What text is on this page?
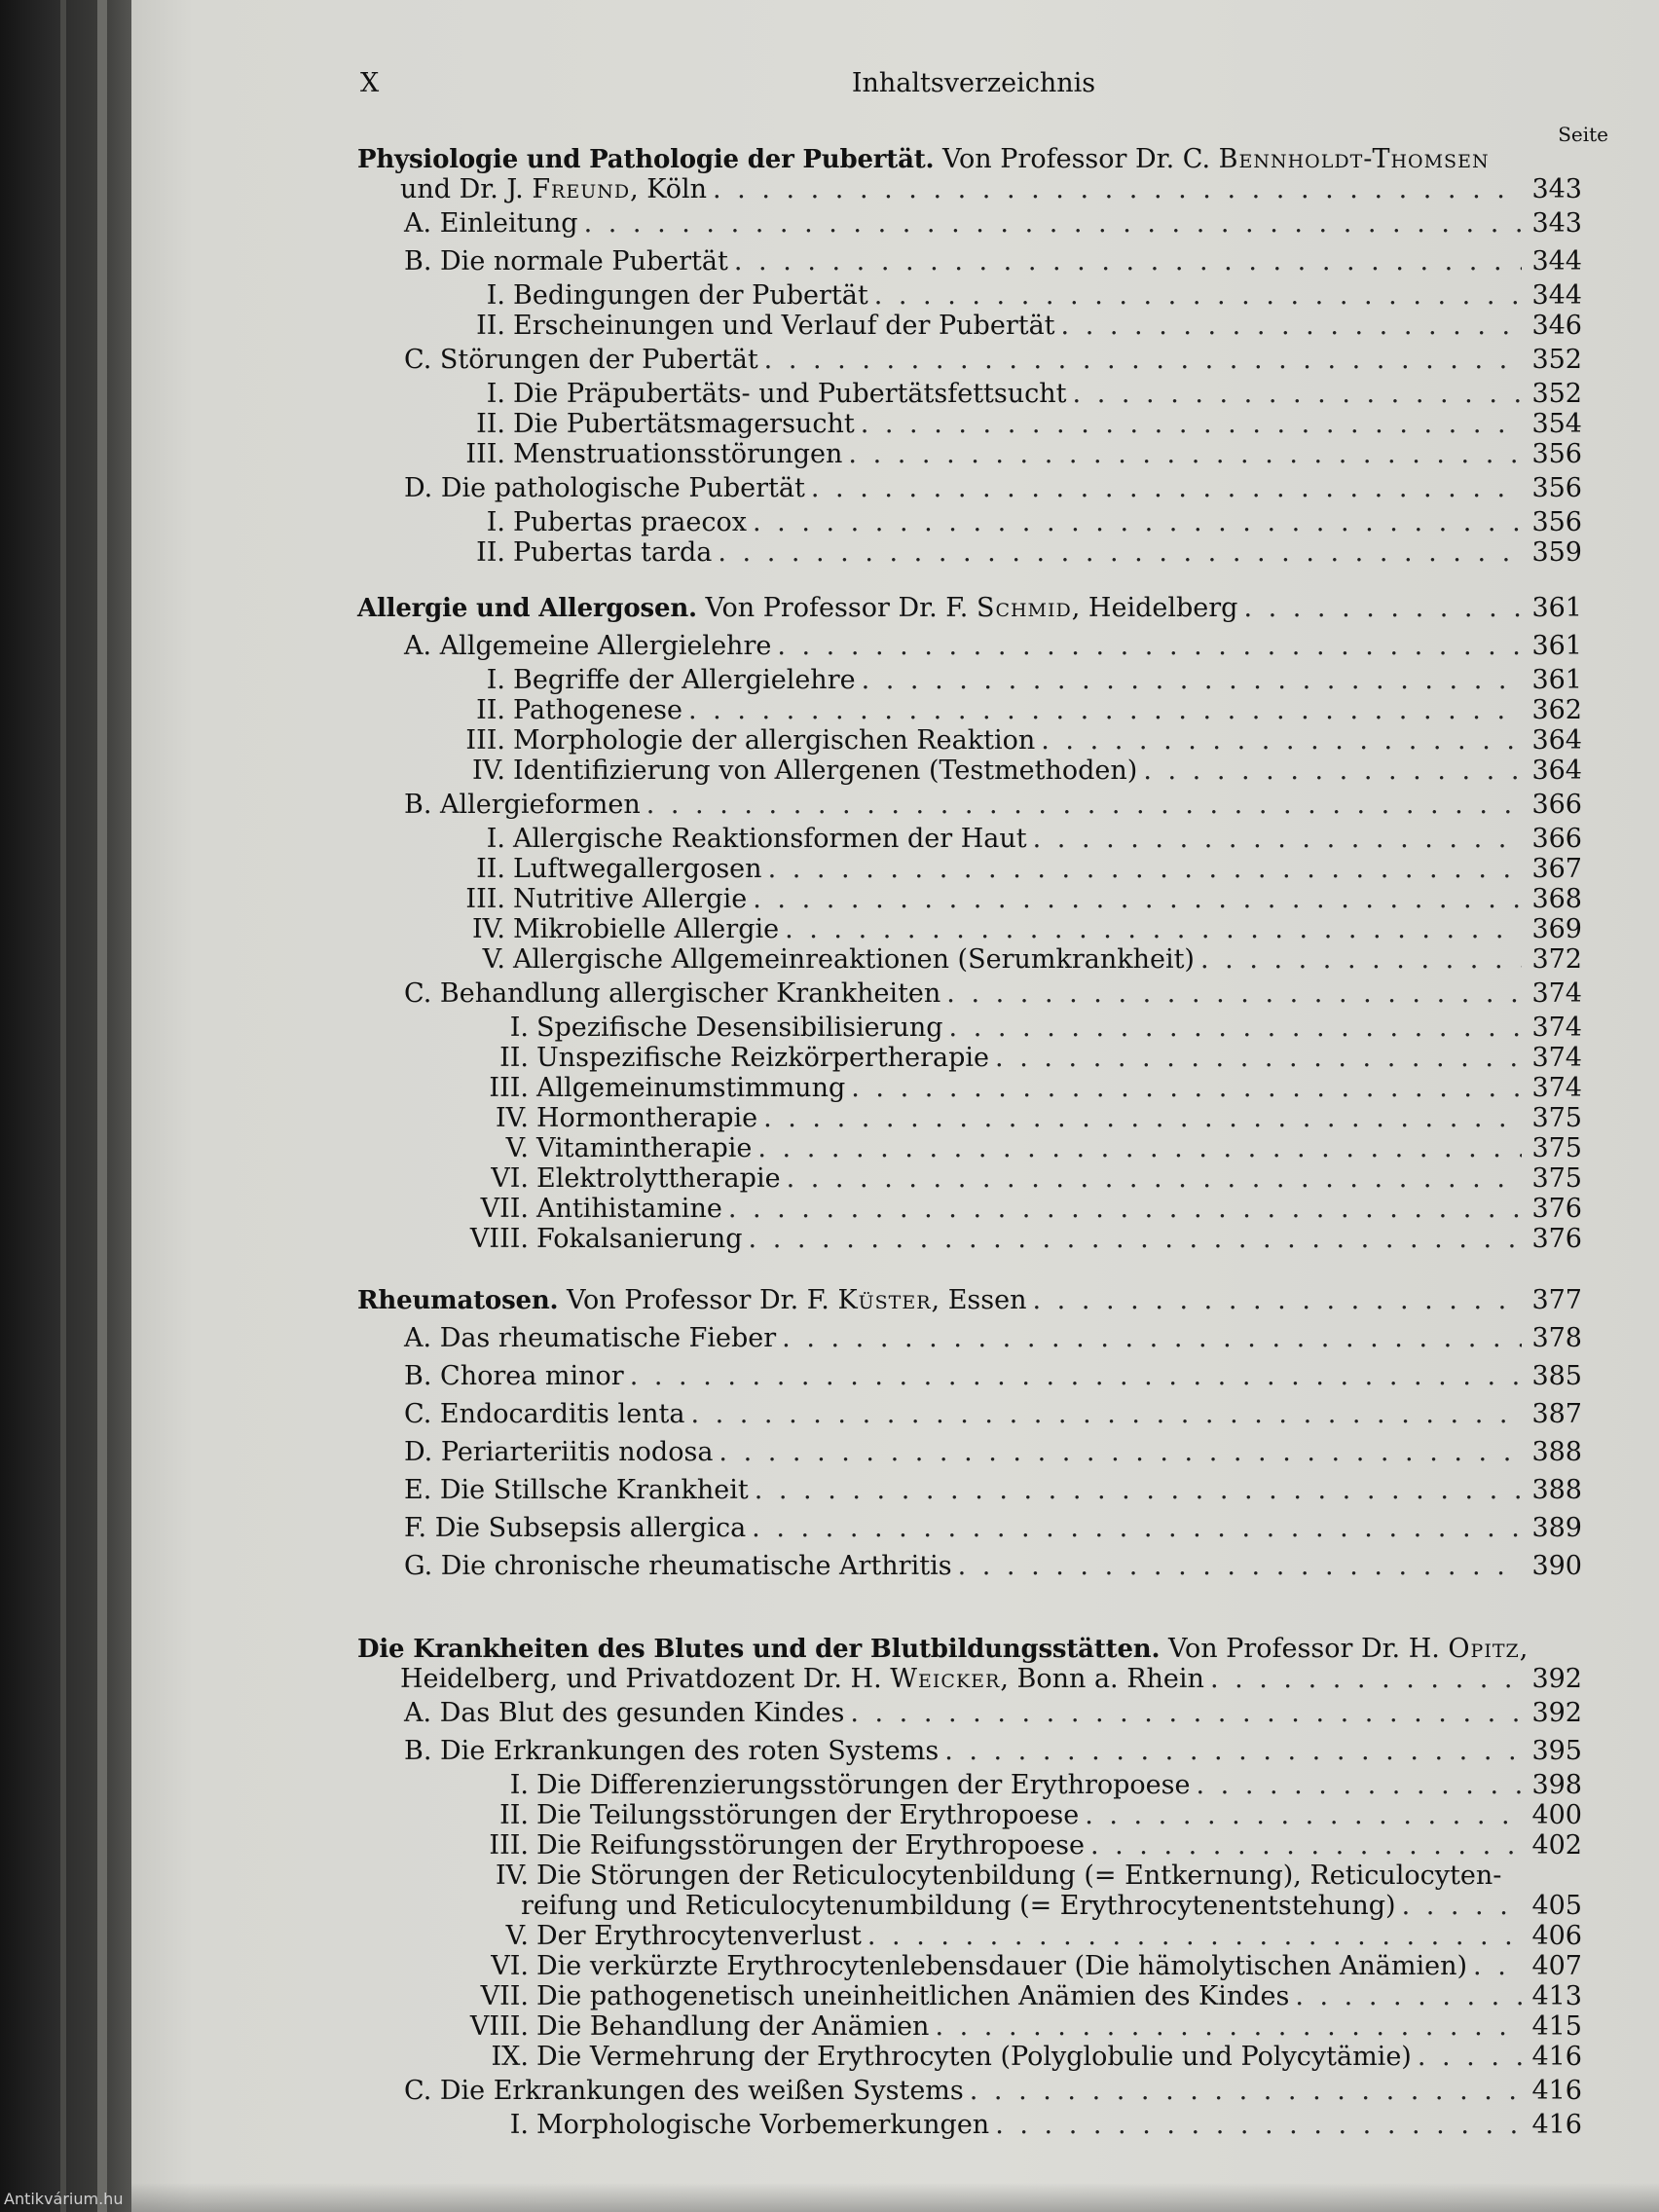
X	Inhaltsverzeichnis
Seite
Physiologie und Pathologie der Pubertät. Von Professor Dr. C. Bennholdt-Thomsen
und Dr. J. Freund, Köln . . .	343
A. Einleitung . . .	343
B. Die normale Pubertät . . .	344
I. Bedingungen der Pubertät . . .	344
II. Erscheinungen und Verlauf der Pubertät . . .	346
C. Störungen der Pubertät . . .	352
I. Die Präpubertäts- und Pubertätsfettsucht . . .	352
II. Die Pubertätsmagersucht . . .	354
III. Menstruationsstörungen . . .	356
D. Die pathologische Pubertät . . .	356
I. Pubertas praecox . . .	356
II. Pubertas tarda . . .	359
Allergie und Allergosen. Von Professor Dr. F. Schmid, Heidelberg . . .	361
A. Allgemeine Allergielehre . . .	361
I. Begriffe der Allergielehre . . .	361
II. Pathogenese . . .	362
III. Morphologie der allergischen Reaktion . . .	364
IV. Identifizierung von Allergenen (Testmethoden) . . .	364
B. Allergieformen . . .	366
I. Allergische Reaktionsformen der Haut . . .	366
II. Luftwegallergosen . . .	367
III. Nutritive Allergie . . .	368
IV. Mikrobielle Allergie . . .	369
V. Allergische Allgemeinreaktionen (Serumkrankheit) . . .	372
C. Behandlung allergischer Krankheiten . . .	374
I. Spezifische Desensibilisierung . . .	374
II. Unspezifische Reizkörpertherapie . . .	374
III. Allgemeinumstimmung . . .	374
IV. Hormontherapie . . .	375
V. Vitamintherapie . . .	375
VI. Elektrolyttherapie . . .	375
VII. Antihistamine . . .	376
VIII. Fokalsanierung . . .	376
Rheumatosen. Von Professor Dr. F. Küster, Essen . . .	377
A. Das rheumatische Fieber . . .	378
B. Chorea minor . . .	385
C. Endocarditis lenta . . .	387
D. Periarteriitis nodosa . . .	388
E. Die Stillsche Krankheit . . .	388
F. Die Subsepsis allergica . . .	389
G. Die chronische rheumatische Arthritis . . .	390
Die Krankheiten des Blutes und der Blutbildungsstätten. Von Professor Dr. H. Opitz,
Heidelberg, und Privatdozent Dr. H. Weicker, Bonn a. Rhein . . .	392
A. Das Blut des gesunden Kindes . . .	392
B. Die Erkrankungen des roten Systems . . .	395
I. Die Differenzierungsstörungen der Erythropoese . . .	398
II. Die Teilungsstörungen der Erythropoese . . .	400
III. Die Reifungsstörungen der Erythropoese . . .	402
IV. Die Störungen der Reticulocytenbildung (= Entkernung), Reticulocyten-
reifung und Reticulocytenumbildung (= Erythrocytenentstehung) . . .	405
V. Der Erythrocytenverlust . . .	406
VI. Die verkürzte Erythrocytenlebensdauer (Die hämolytischen Anämien) . . .	407
VII. Die pathogenetisch uneinheitlichen Anämien des Kindes . . .	413
VIII. Die Behandlung der Anämien . . .	415
IX. Die Vermehrung der Erythrocyten (Polyglobulie und Polycytämie) . . .	416
C. Die Erkrankungen des weißen Systems . . .	416
I. Morphologische Vorbemerkungen . . .	416
Antikvárium.hu
